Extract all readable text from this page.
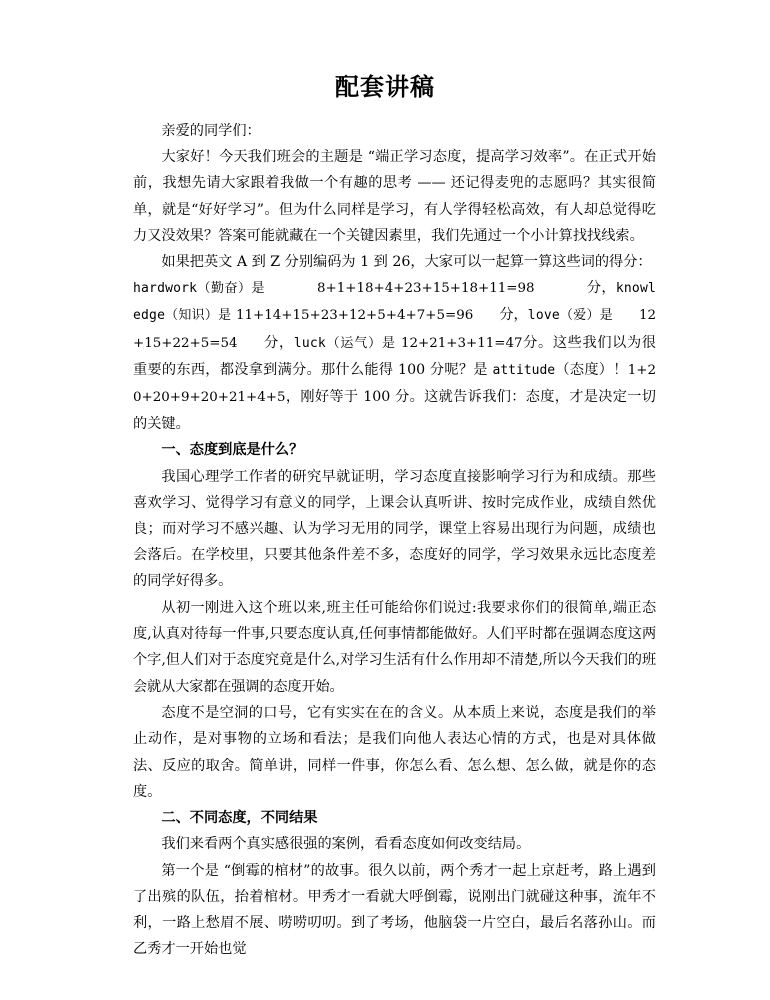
配套讲稿

亲爱的同学们：

大家好！今天我们班会的主题是 “端正学习态度，提高学习效率”。在正式开始前，我想先请大家跟着我做一个有趣的思考 —— 还记得麦兜的志愿吗？其实很简单，就是“好好学习”。但为什么同样是学习，有人学得轻松高效，有人却总觉得吃力又没效果？答案可能就藏在一个关键因素里，我们先通过一个小计算找找线索。

如果把英文 A 到 Z 分别编码为 1 到 26，大家可以一起算一算这些词的得分：

hardwork（勤奋）是	8+1+18+4+23+15+18+11=98	分，knowledge（知识）是 11+14+15+23+12+5+4+7+5=96 分，love（爱）是 12+15+22+5=54 分，luck（运气）是 12+21+3+11=47分。这些我们以为很重要的东西，都没拿到满分。那什么能得 100 分呢？是 attitude（态度）！1+20+20+9+20+21+4+5，刚好等于 100 分。这就告诉我们：态度，才是决定一切的关键。

一、态度到底是什么？

我国心理学工作者的研究早就证明，学习态度直接影响学习行为和成绩。那些喜欢学习、觉得学习有意义的同学，上课会认真听讲、按时完成作业，成绩自然优良；而对学习不感兴趣、认为学习无用的同学，课堂上容易出现行为问题，成绩也会落后。在学校里，只要其他条件差不多，态度好的同学，学习效果永远比态度差的同学好得多。

从初一刚进入这个班以来,班主任可能给你们说过:我要求你们的很简单,端正态度,认真对待每一件事,只要态度认真,任何事情都能做好。人们平时都在强调态度这两个字,但人们对于态度究竟是什么,对学习生活有什么作用却不清楚,所以今天我们的班会就从大家都在强调的态度开始。

态度不是空洞的口号，它有实实在在的含义。从本质上来说，态度是我们的举止动作，是对事物的立场和看法；是我们向他人表达心情的方式，也是对具体做法、反应的取舍。简单讲，同样一件事，你怎么看、怎么想、怎么做，就是你的态度。

二、不同态度，不同结果

我们来看两个真实感很强的案例，看看态度如何改变结局。

第一个是 “倒霉的棺材”的故事。很久以前，两个秀才一起上京赶考，路上遇到了出殡的队伍，抬着棺材。甲秀才一看就大呼倒霉，说刚出门就碰这种事，流年不利，一路上愁眉不展、唠唠叨叨。到了考场，他脑袋一片空白，最后名落孙山。而乙秀才一开始也觉
